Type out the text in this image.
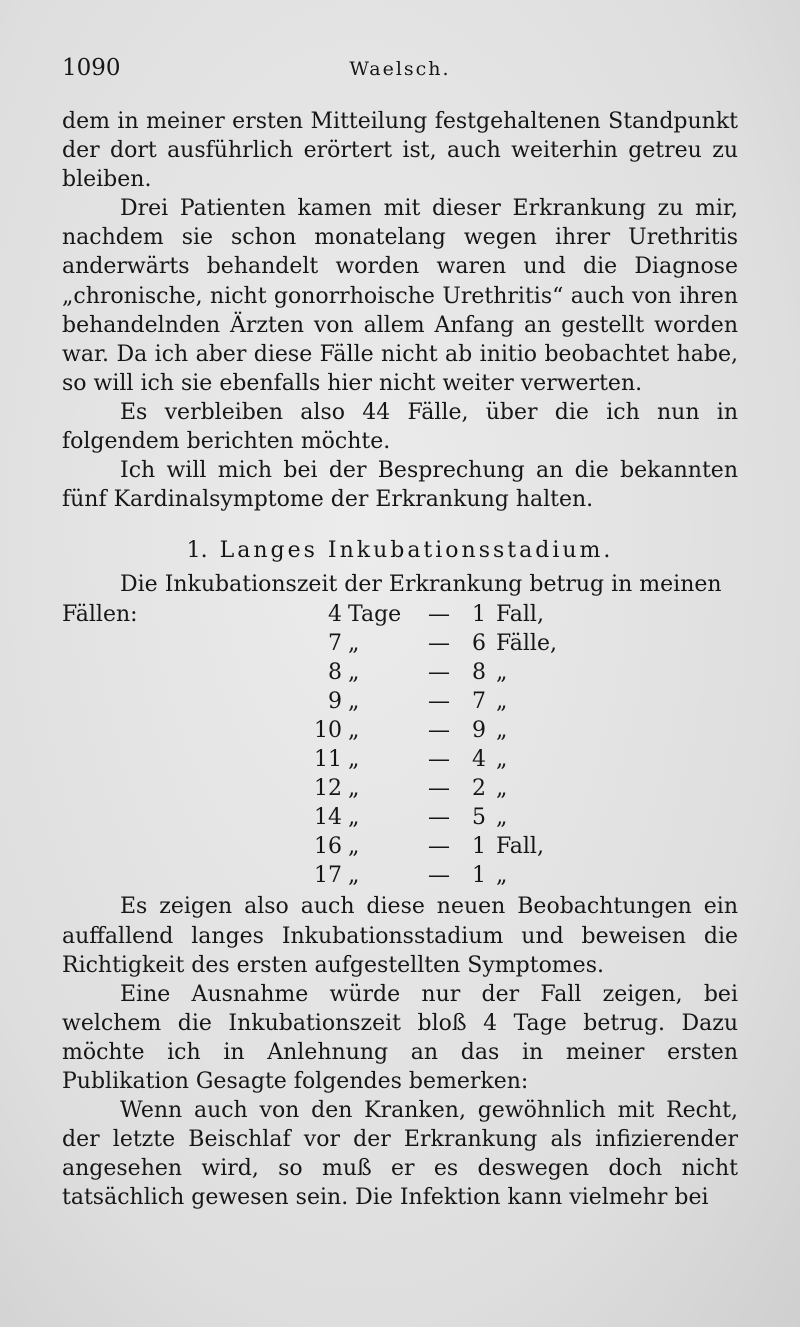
1090	Waelsch.

dem in meiner ersten Mitteilung festgehaltenen Standpunkt der dort ausführlich erörtert ist, auch weiterhin getreu zu bleiben.

Drei Patienten kamen mit dieser Erkrankung zu mir, nachdem sie schon monatelang wegen ihrer Urethritis anderwärts behandelt worden waren und die Diagnose „chronische, nicht gonorrhoische Urethritis“ auch von ihren behandelnden Ärzten von allem Anfang an gestellt worden war. Da ich aber diese Fälle nicht ab initio beobachtet habe, so will ich sie ebenfalls hier nicht weiter verwerten.

Es verbleiben also 44 Fälle, über die ich nun in folgendem berichten möchte.

Ich will mich bei der Besprechung an die bekannten fünf Kardinalsymptome der Erkrankung halten.

1. Langes Inkubationsstadium.

Die Inkubationszeit der Erkrankung betrug in meinen

Fällen:	4	Tage	—	1	Fall,
	7	„	—	6	Fälle,
	8	„	—	8	„
	9	„	—	7	„
	10	„	—	9	„
	11	„	—	4	„
	12	„	—	2	„
	14	„	—	5	„
	16	„	—	1	Fall,
	17	„	—	1	„

Es zeigen also auch diese neuen Beobachtungen ein auffallend langes Inkubationsstadium und beweisen die Richtigkeit des ersten aufgestellten Symptomes.

Eine Ausnahme würde nur der Fall zeigen, bei welchem die Inkubationszeit bloß 4 Tage betrug. Dazu möchte ich in Anlehnung an das in meiner ersten Publikation Gesagte folgendes bemerken:

Wenn auch von den Kranken, gewöhnlich mit Recht, der letzte Beischlaf vor der Erkrankung als infizierender angesehen wird, so muß er es deswegen doch nicht tatsächlich gewesen sein. Die Infektion kann vielmehr bei
